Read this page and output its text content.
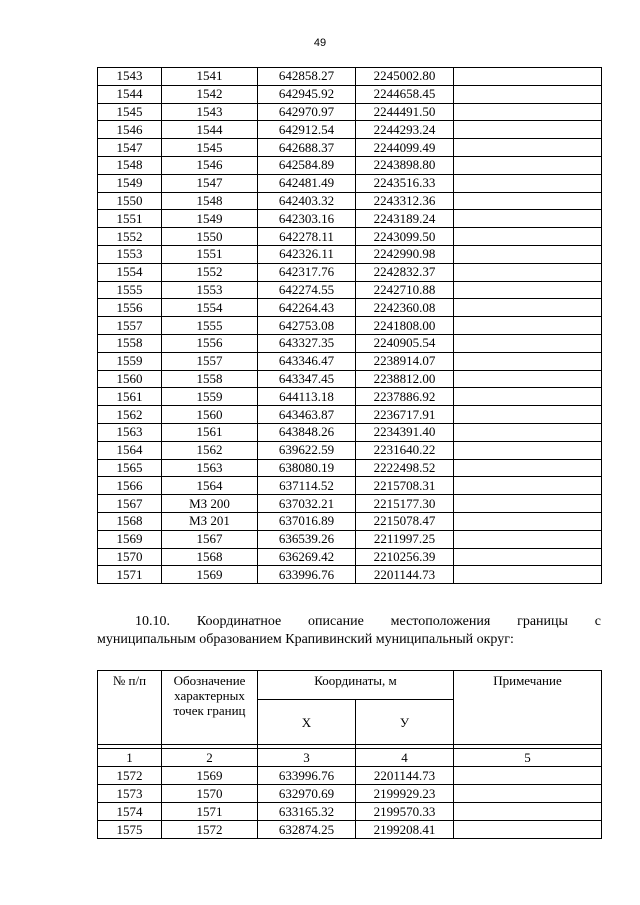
49
1543	1541	642858.27	2245002.80	
1544	1542	642945.92	2244658.45	
1545	1543	642970.97	2244491.50	
1546	1544	642912.54	2244293.24	
1547	1545	642688.37	2244099.49	
1548	1546	642584.89	2243898.80	
1549	1547	642481.49	2243516.33	
1550	1548	642403.32	2243312.36	
1551	1549	642303.16	2243189.24	
1552	1550	642278.11	2243099.50	
1553	1551	642326.11	2242990.98	
1554	1552	642317.76	2242832.37	
1555	1553	642274.55	2242710.88	
1556	1554	642264.43	2242360.08	
1557	1555	642753.08	2241808.00	
1558	1556	643327.35	2240905.54	
1559	1557	643346.47	2238914.07	
1560	1558	643347.45	2238812.00	
1561	1559	644113.18	2237886.92	
1562	1560	643463.87	2236717.91	
1563	1561	643848.26	2234391.40	
1564	1562	639622.59	2231640.22	
1565	1563	638080.19	2222498.52	
1566	1564	637114.52	2215708.31	
1567	МЗ 200	637032.21	2215177.30	
1568	МЗ 201	637016.89	2215078.47	
1569	1567	636539.26	2211997.25	
1570	1568	636269.42	2210256.39	
1571	1569	633996.76	2201144.73	
10.10. Координатное описание местоположения границы с
муниципальным образованием Крапивинский муниципальный округ:
№ п/п	Обозначение характерных точек границ	Координаты, м		Примечание
		Х	У	

1	2	3	4	5
1572	1569	633996.76	2201144.73	
1573	1570	632970.69	2199929.23	
1574	1571	633165.32	2199570.33	
1575	1572	632874.25	2199208.41	
